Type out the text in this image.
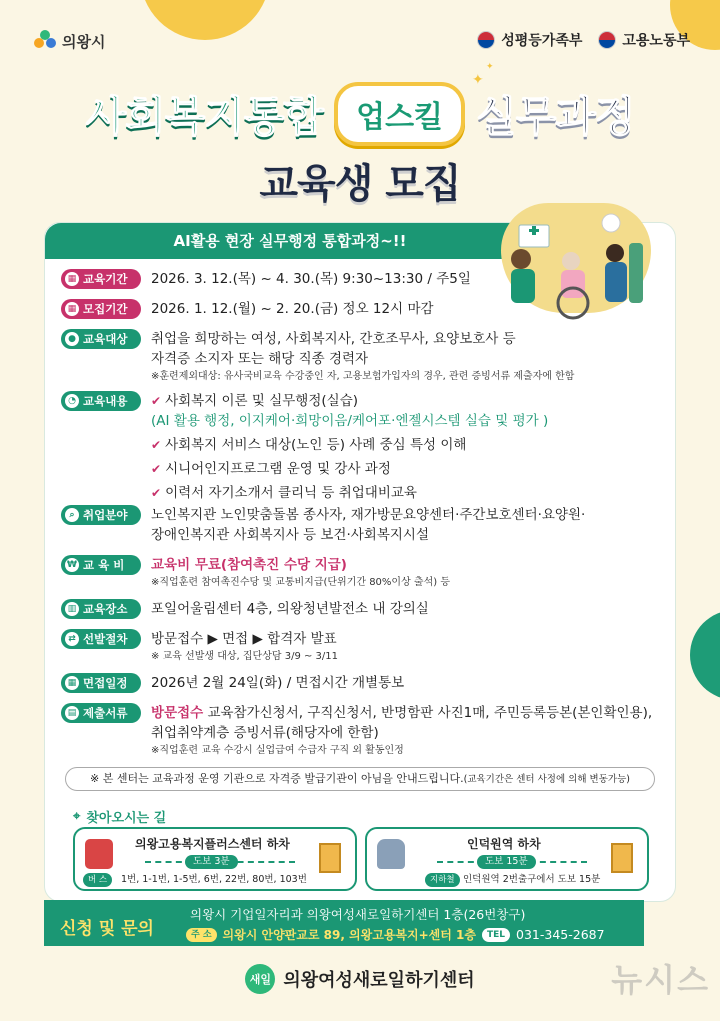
의왕시	성평등가족부	고용노동부
사회복지통합 업스킬 실무과정
✦
✦
교육생 모집
AI활용 현장 실무행정 통합과정~!!
▦ 교육기간 2026. 3. 12.(목) ~ 4. 30.(목) 9:30~13:30 / 주5일
▦ 모집기간 2026. 1. 12.(월) ~ 2. 20.(금) 정오 12시 마감
● 교육대상 취업을 희망하는 여성, 사회복지사, 간호조무사, 요양보호사 등
자격증 소지자 또는 해당 직종 경력자
※훈련제외대상: 유사국비교육 수강중인 자, 고용보험가입자의 경우, 관련 증빙서류 제출자에 한함
◔ 교육내용 ✔ 사회복지 이론 및 실무행정(실습)
(AI 활용 행정, 이지케어·희망이음/케어포·엔젤시스템 실습 및 평가 )
✔ 사회복지 서비스 대상(노인 등) 사례 중심 특성 이해
✔ 시니어인지프로그램 운영 및 강사 과정
✔ 이력서 자기소개서 클리닉 등 취업대비교육
⌕ 취업분야 노인복지관 노인맞춤돌봄 종사자, 재가방문요양센터·주간보호센터·요양원·
장애인복지관 사회복지사 등 보건·사회복지시설
₩ 교 육 비 교육비 무료(참여촉진 수당 지급)
※직업훈련 참여촉진수당 및 교통비지급(단위기간 80%이상 출석) 등
▥ 교육장소 포일어울림센터 4층, 의왕청년발전소 내 강의실
⇄ 선발절차 방문접수 ▶ 면접 ▶ 합격자 발표
※ 교육 선발생 대상, 집단상담 3/9 ~ 3/11
▦ 면접일정 2026년 2월 24일(화) / 면접시간 개별통보
▤ 제출서류 방문접수 교육참가신청서, 구직신청서, 반명함판 사진1매, 주민등록등본(본인확인용),
취업취약계층 증빙서류(해당자에 한함)
※직업훈련 교육 수강시 실업급여 수급자 구직 외 활동인정
※ 본 센터는 교육과정 운영 기관으로 자격증 발급기관이 아님을 안내드립니다.(교육기간은 센터 사정에 의해 변동가능)
⌖ 찾아오시는 길
의왕고용복지플러스센터 하차
도보 3분
버 스	1번, 1-1번, 1-5번, 6번, 22번, 80번, 103번
인덕원역 하차
도보 15분
지하철 인덕원역 2번출구에서 도보 15분
신청 및 문의
의왕시 기업일자리과 의왕여성새로일하기센터 1층(26번창구)
주 소 의왕시 안양판교로 89, 의왕고용복지+센터 1층	TEL 031-345-2687
새일 의왕여성새로일하기센터	뉴시스
